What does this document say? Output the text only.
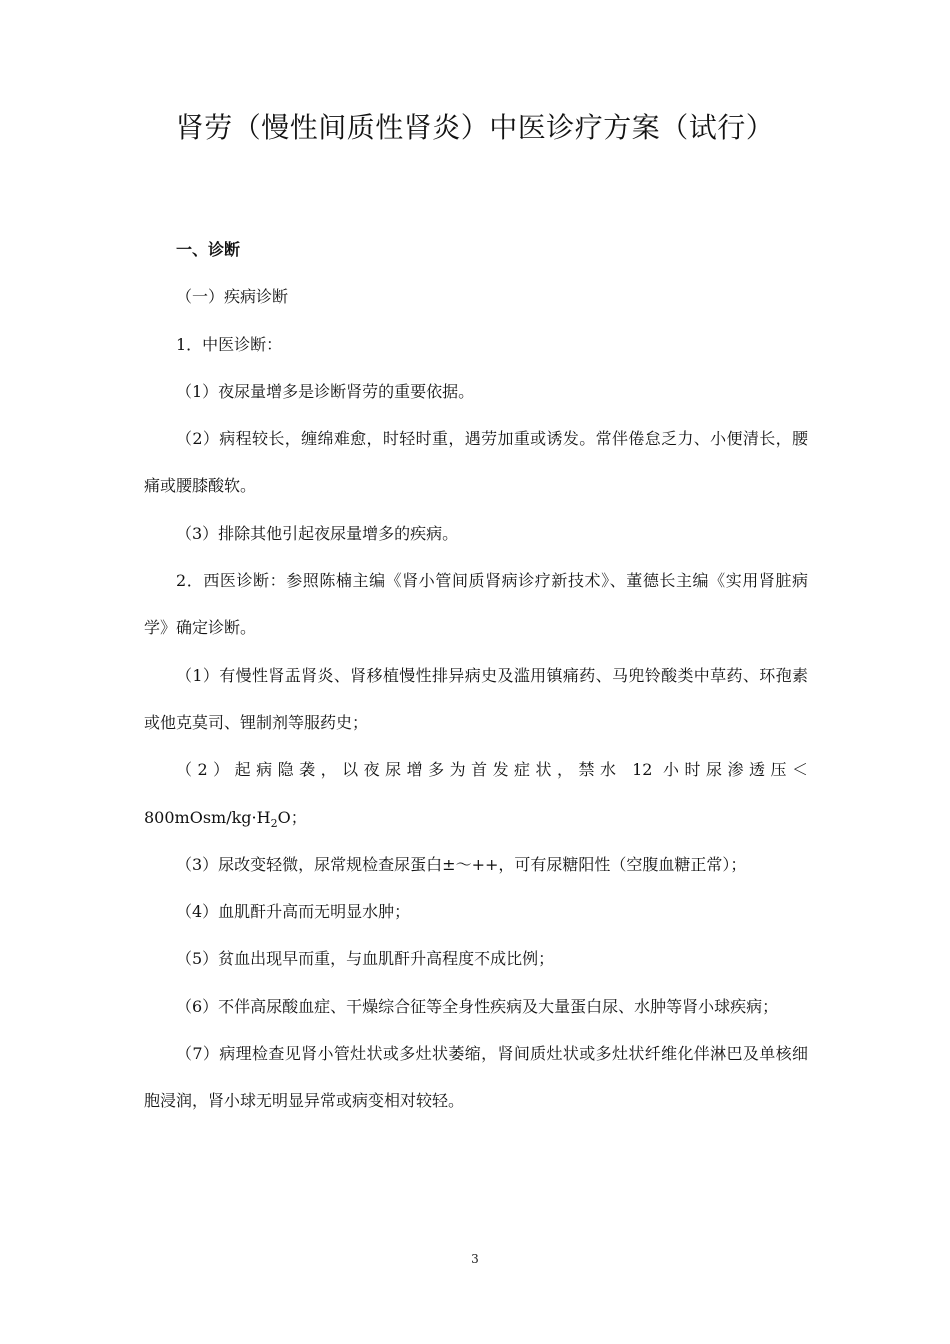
肾劳（慢性间质性肾炎）中医诊疗方案（试行）

一、诊断

（一）疾病诊断

1．中医诊断：

（1）夜尿量增多是诊断肾劳的重要依据。

（2）病程较长，缠绵难愈，时轻时重，遇劳加重或诱发。常伴倦怠乏力、小便清长，腰痛或腰膝酸软。

（3）排除其他引起夜尿量增多的疾病。

2．西医诊断：参照陈楠主编《肾小管间质肾病诊疗新技术》、董德长主编《实用肾脏病学》确定诊断。

（1）有慢性肾盂肾炎、肾移植慢性排异病史及滥用镇痛药、马兜铃酸类中草药、环孢素或他克莫司、锂制剂等服药史；

（2）起病隐袭，以夜尿增多为首发症状，禁水 12 小时尿渗透压$<800mOsm/kg\cdot H_2O$；

（3）尿改变轻微，尿常规检查尿蛋白±～++，可有尿糖阳性（空腹血糖正常）；

（4）血肌酐升高而无明显水肿；

（5）贫血出现早而重，与血肌酐升高程度不成比例；

（6）不伴高尿酸血症、干燥综合征等全身性疾病及大量蛋白尿、水肿等肾小球疾病；

（7）病理检查见肾小管灶状或多灶状萎缩，肾间质灶状或多灶状纤维化伴淋巴及单核细胞浸润，肾小球无明显异常或病变相对较轻。

3
